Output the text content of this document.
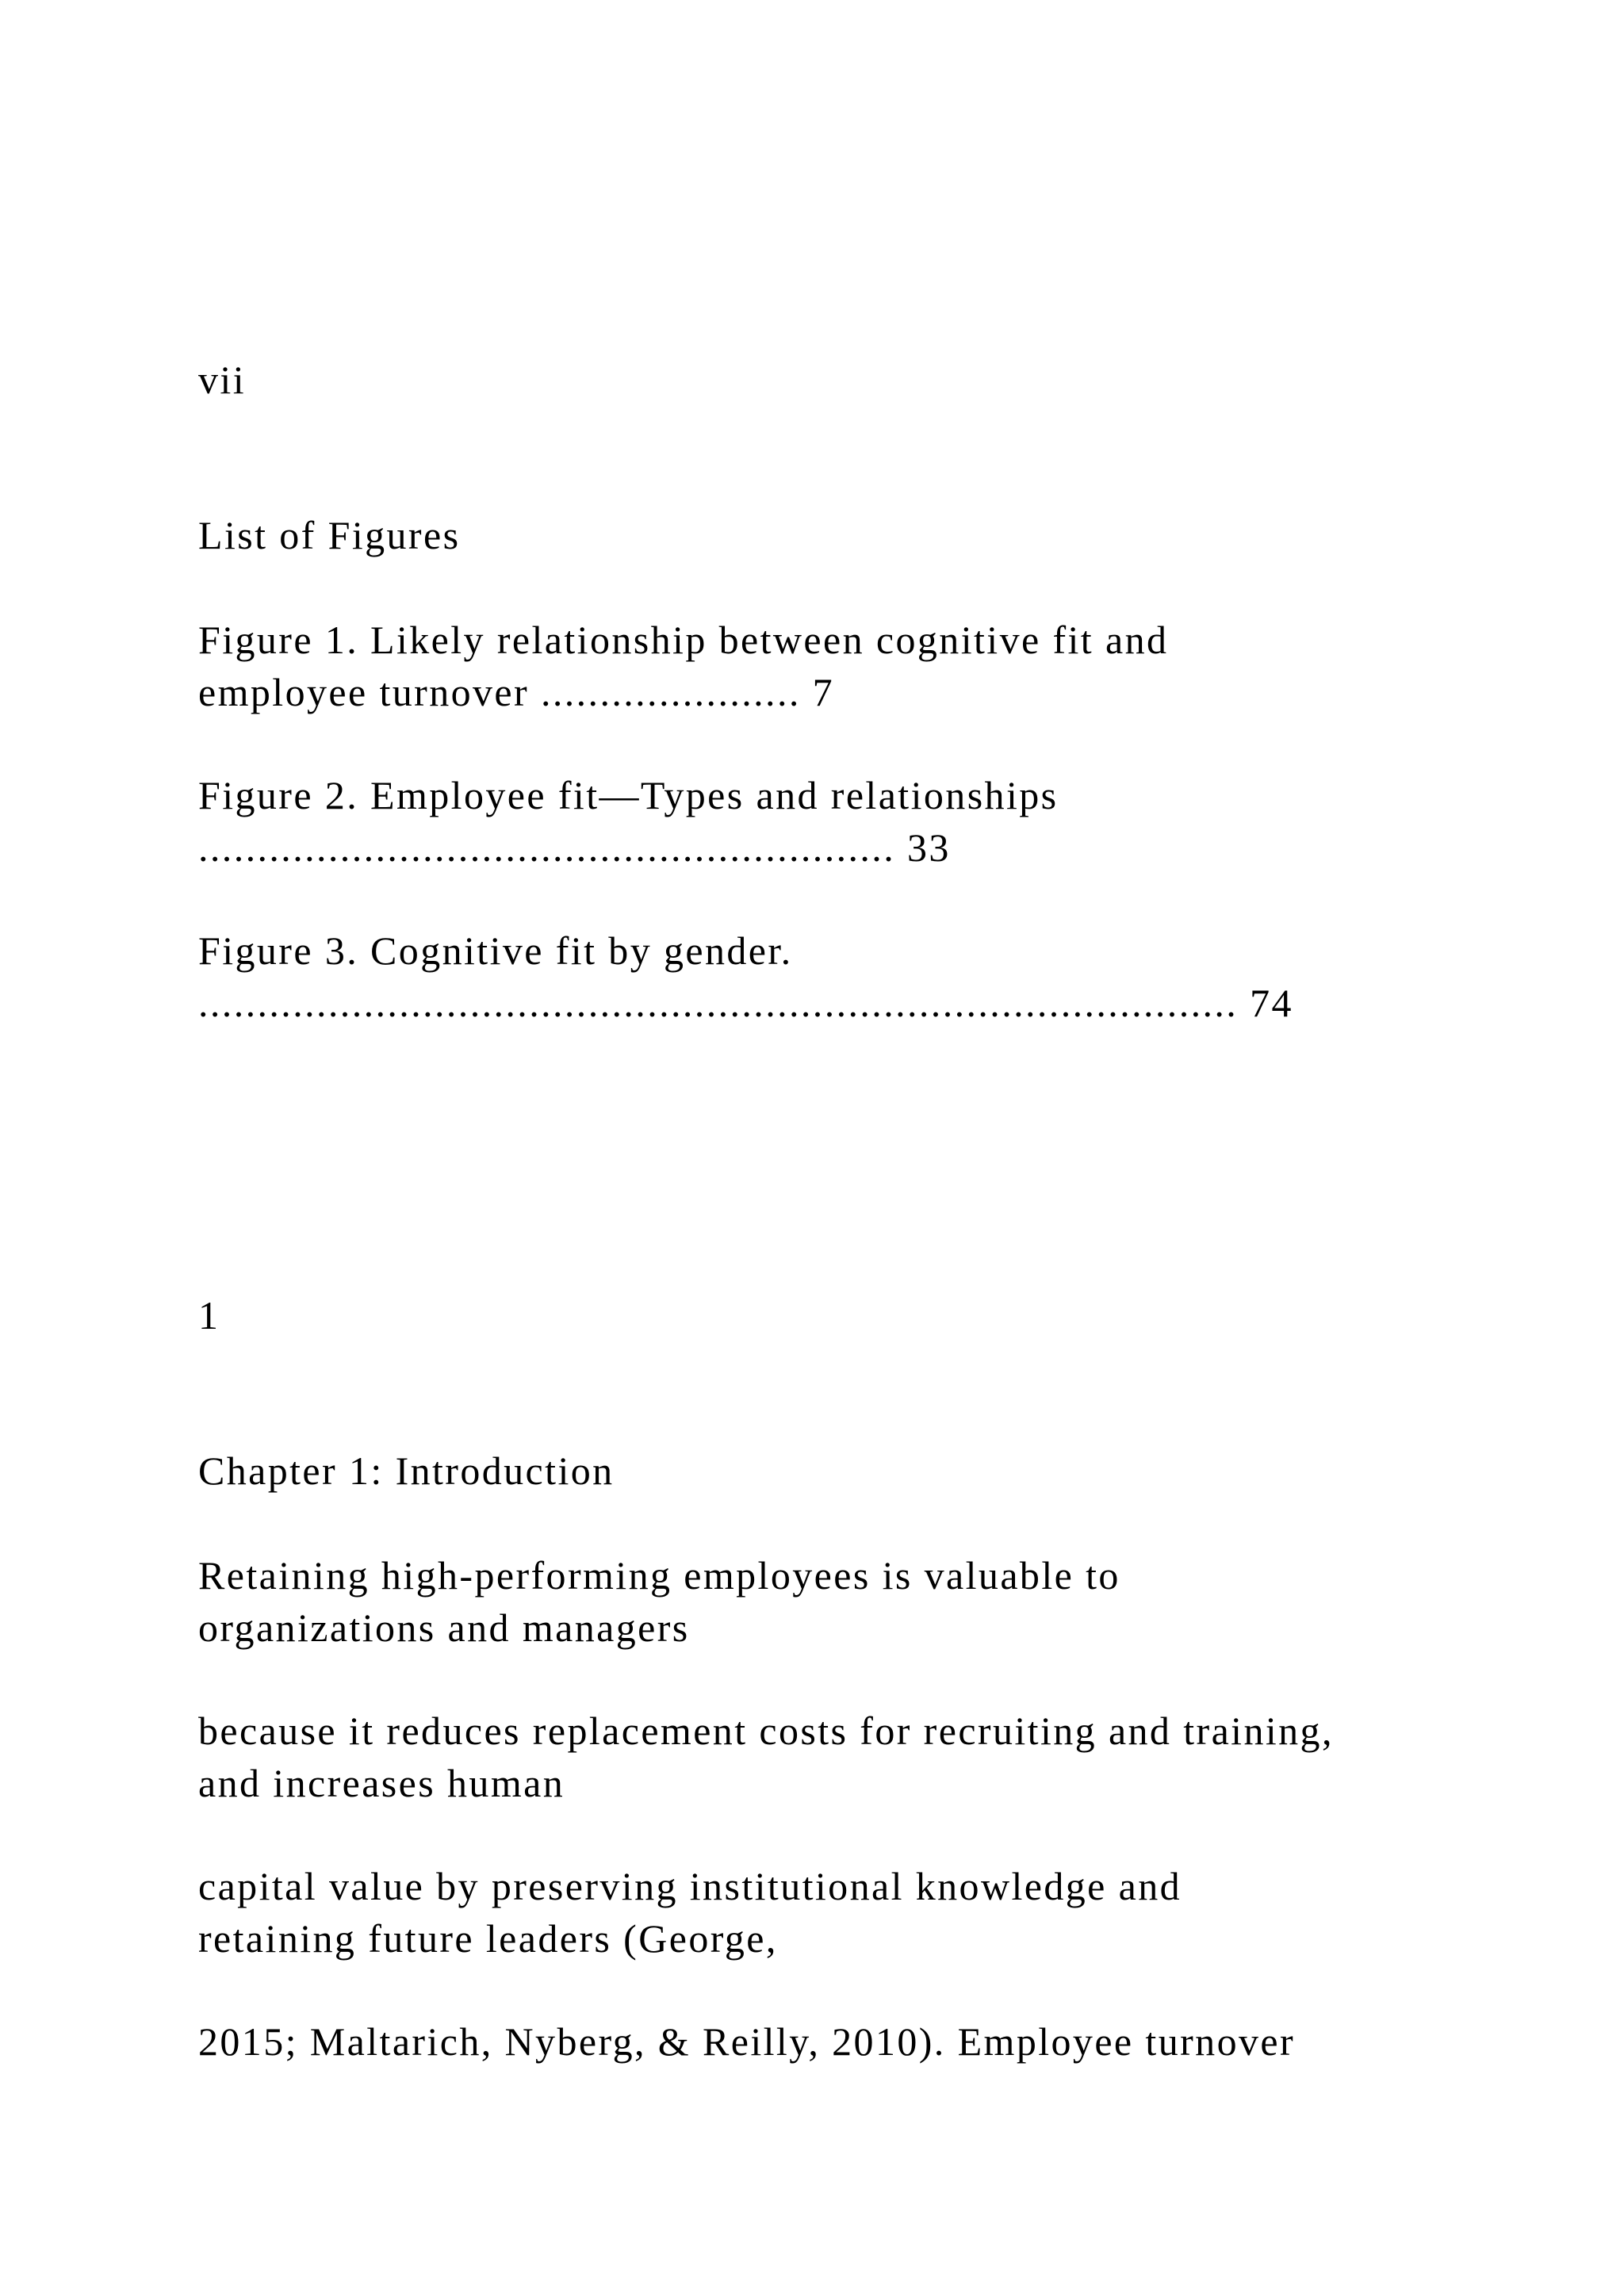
vii

List of Figures

Figure 1. Likely relationship between cognitive fit and

employee turnover ...................... 7

Figure 2. Employee fit—Types and relationships

........................................................... 33

Figure 3. Cognitive fit by gender.

........................................................................................ 74

1

Chapter 1: Introduction

Retaining high-performing employees is valuable to

organizations and managers

because it reduces replacement costs for recruiting and training,

and increases human

capital value by preserving institutional knowledge and

retaining future leaders (George,

2015; Maltarich, Nyberg, & Reilly, 2010). Employee turnover
